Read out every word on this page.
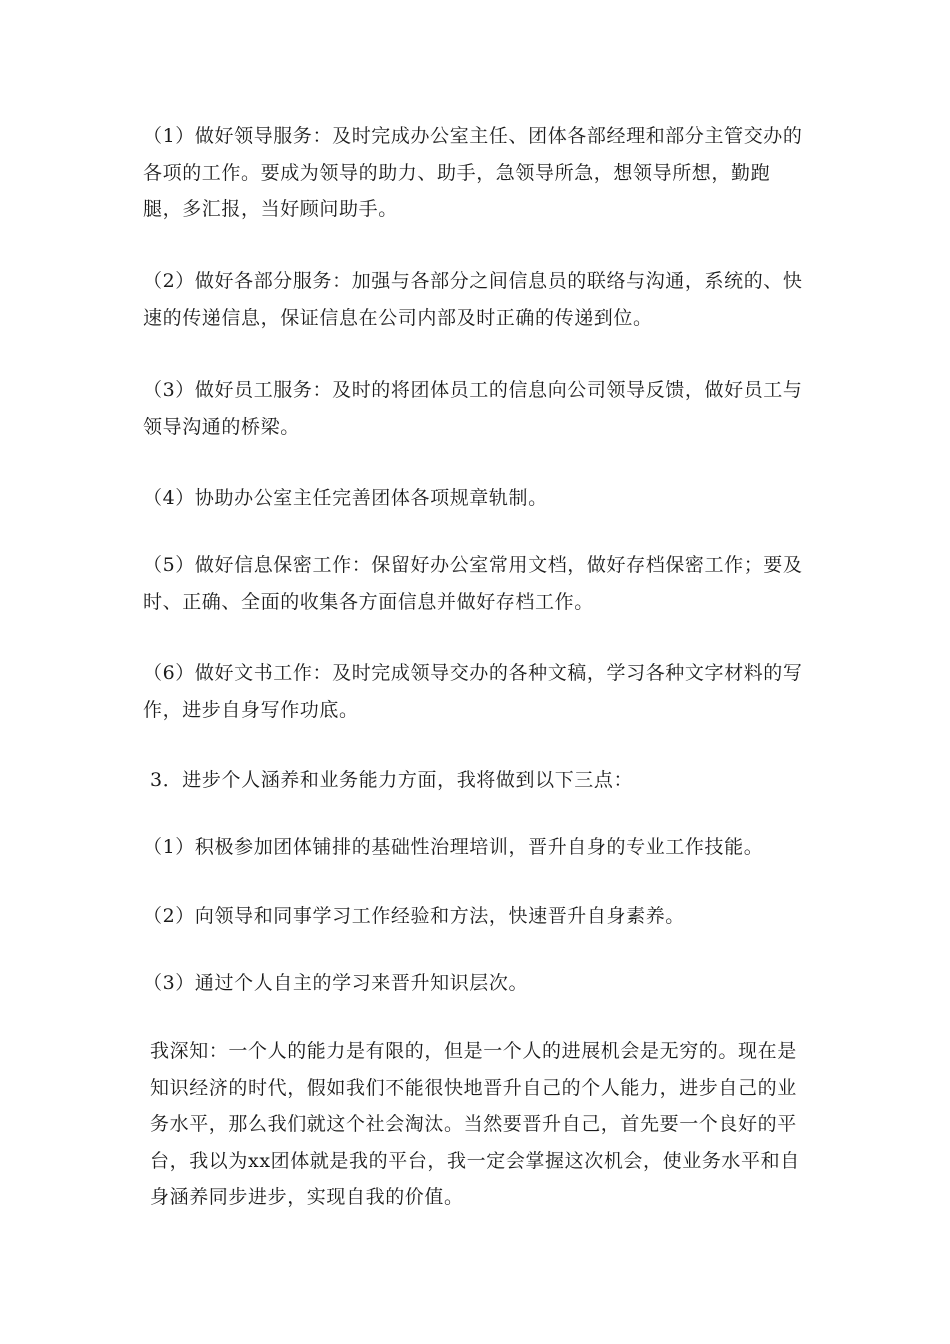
（1）做好领导服务：及时完成办公室主任、团体各部经理和部分主管交办的各项的工作。要成为领导的助力、助手，急领导所急，想领导所想，勤跑腿，多汇报，当好顾问助手。

（2）做好各部分服务：加强与各部分之间信息员的联络与沟通，系统的、快速的传递信息，保证信息在公司内部及时正确的传递到位。

（3）做好员工服务：及时的将团体员工的信息向公司领导反馈，做好员工与领导沟通的桥梁。

（4）协助办公室主任完善团体各项规章轨制。

（5）做好信息保密工作：保留好办公室常用文档，做好存档保密工作；要及时、正确、全面的收集各方面信息并做好存档工作。

（6）做好文书工作：及时完成领导交办的各种文稿，学习各种文字材料的写作，进步自身写作功底。

3．进步个人涵养和业务能力方面，我将做到以下三点：

（1）积极参加团体铺排的基础性治理培训，晋升自身的专业工作技能。

（2）向领导和同事学习工作经验和方法，快速晋升自身素养。

（3）通过个人自主的学习来晋升知识层次。

我深知：一个人的能力是有限的，但是一个人的进展机会是无穷的。现在是知识经济的时代，假如我们不能很快地晋升自己的个人能力，进步自己的业务水平，那么我们就这个社会淘汰。当然要晋升自己，首先要一个良好的平台，我以为xx团体就是我的平台，我一定会掌握这次机会，使业务水平和自身涵养同步进步，实现自我的价值。
